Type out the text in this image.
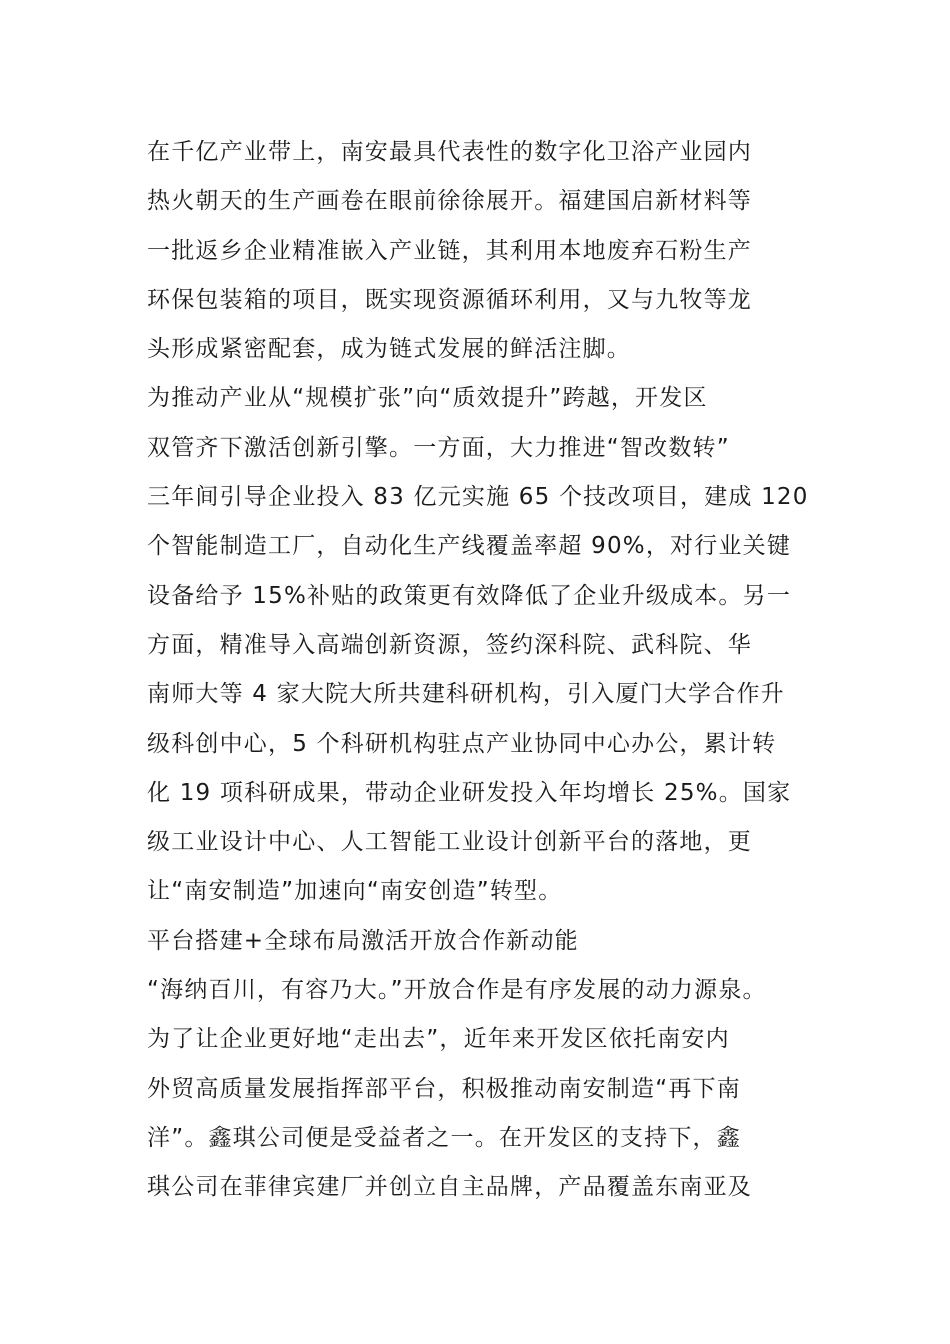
在千亿产业带上，南安最具代表性的数字化卫浴产业园内
热火朝天的生产画卷在眼前徐徐展开。福建国启新材料等
一批返乡企业精准嵌入产业链，其利用本地废弃石粉生产
环保包装箱的项目，既实现资源循环利用，又与九牧等龙
头形成紧密配套，成为链式发展的鲜活注脚。
为推动产业从“规模扩张”向“质效提升”跨越，开发区
双管齐下激活创新引擎。一方面，大力推进“智改数转”
三年间引导企业投入 83 亿元实施 65 个技改项目，建成 120
个智能制造工厂，自动化生产线覆盖率超 90%，对行业关键
设备给予 15%补贴的政策更有效降低了企业升级成本。另一
方面，精准导入高端创新资源，签约深科院、武科院、华
南师大等 4 家大院大所共建科研机构，引入厦门大学合作升
级科创中心，5 个科研机构驻点产业协同中心办公，累计转
化 19 项科研成果，带动企业研发投入年均增长 25%。国家
级工业设计中心、人工智能工业设计创新平台的落地，更
让“南安制造”加速向“南安创造”转型。
平台搭建+全球布局激活开放合作新动能
“海纳百川，有容乃大。”开放合作是有序发展的动力源泉。
为了让企业更好地“走出去”，近年来开发区依托南安内
外贸高质量发展指挥部平台，积极推动南安制造“再下南
洋”。鑫琪公司便是受益者之一。在开发区的支持下，鑫
琪公司在菲律宾建厂并创立自主品牌，产品覆盖东南亚及
